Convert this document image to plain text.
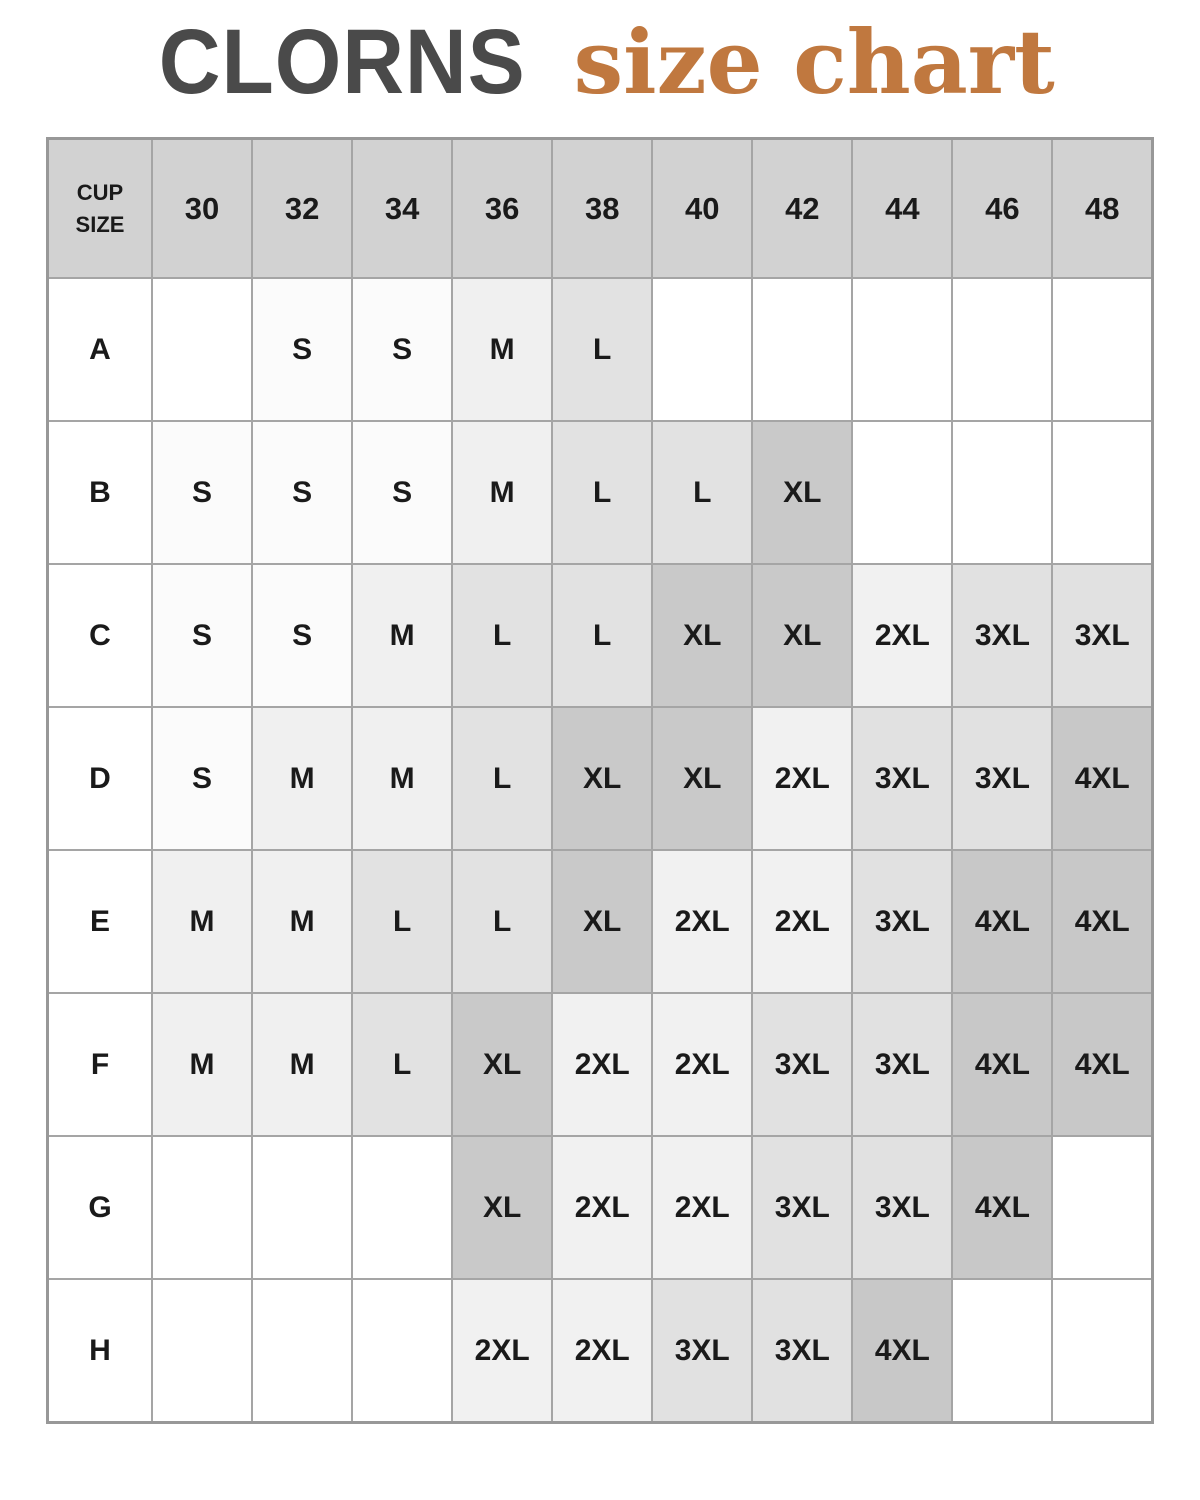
CLORNS size chart
CUP
SIZE	30	32	34	36	38	40	42	44	46	48
A		S	S	M	L					
B	S	S	S	M	L	L	XL			
C	S	S	M	L	L	XL	XL	2XL	3XL	3XL
D	S	M	M	L	XL	XL	2XL	3XL	3XL	4XL
E	M	M	L	L	XL	2XL	2XL	3XL	4XL	4XL
F	M	M	L	XL	2XL	2XL	3XL	3XL	4XL	4XL
G				XL	2XL	2XL	3XL	3XL	4XL	
H				2XL	2XL	3XL	3XL	4XL		
